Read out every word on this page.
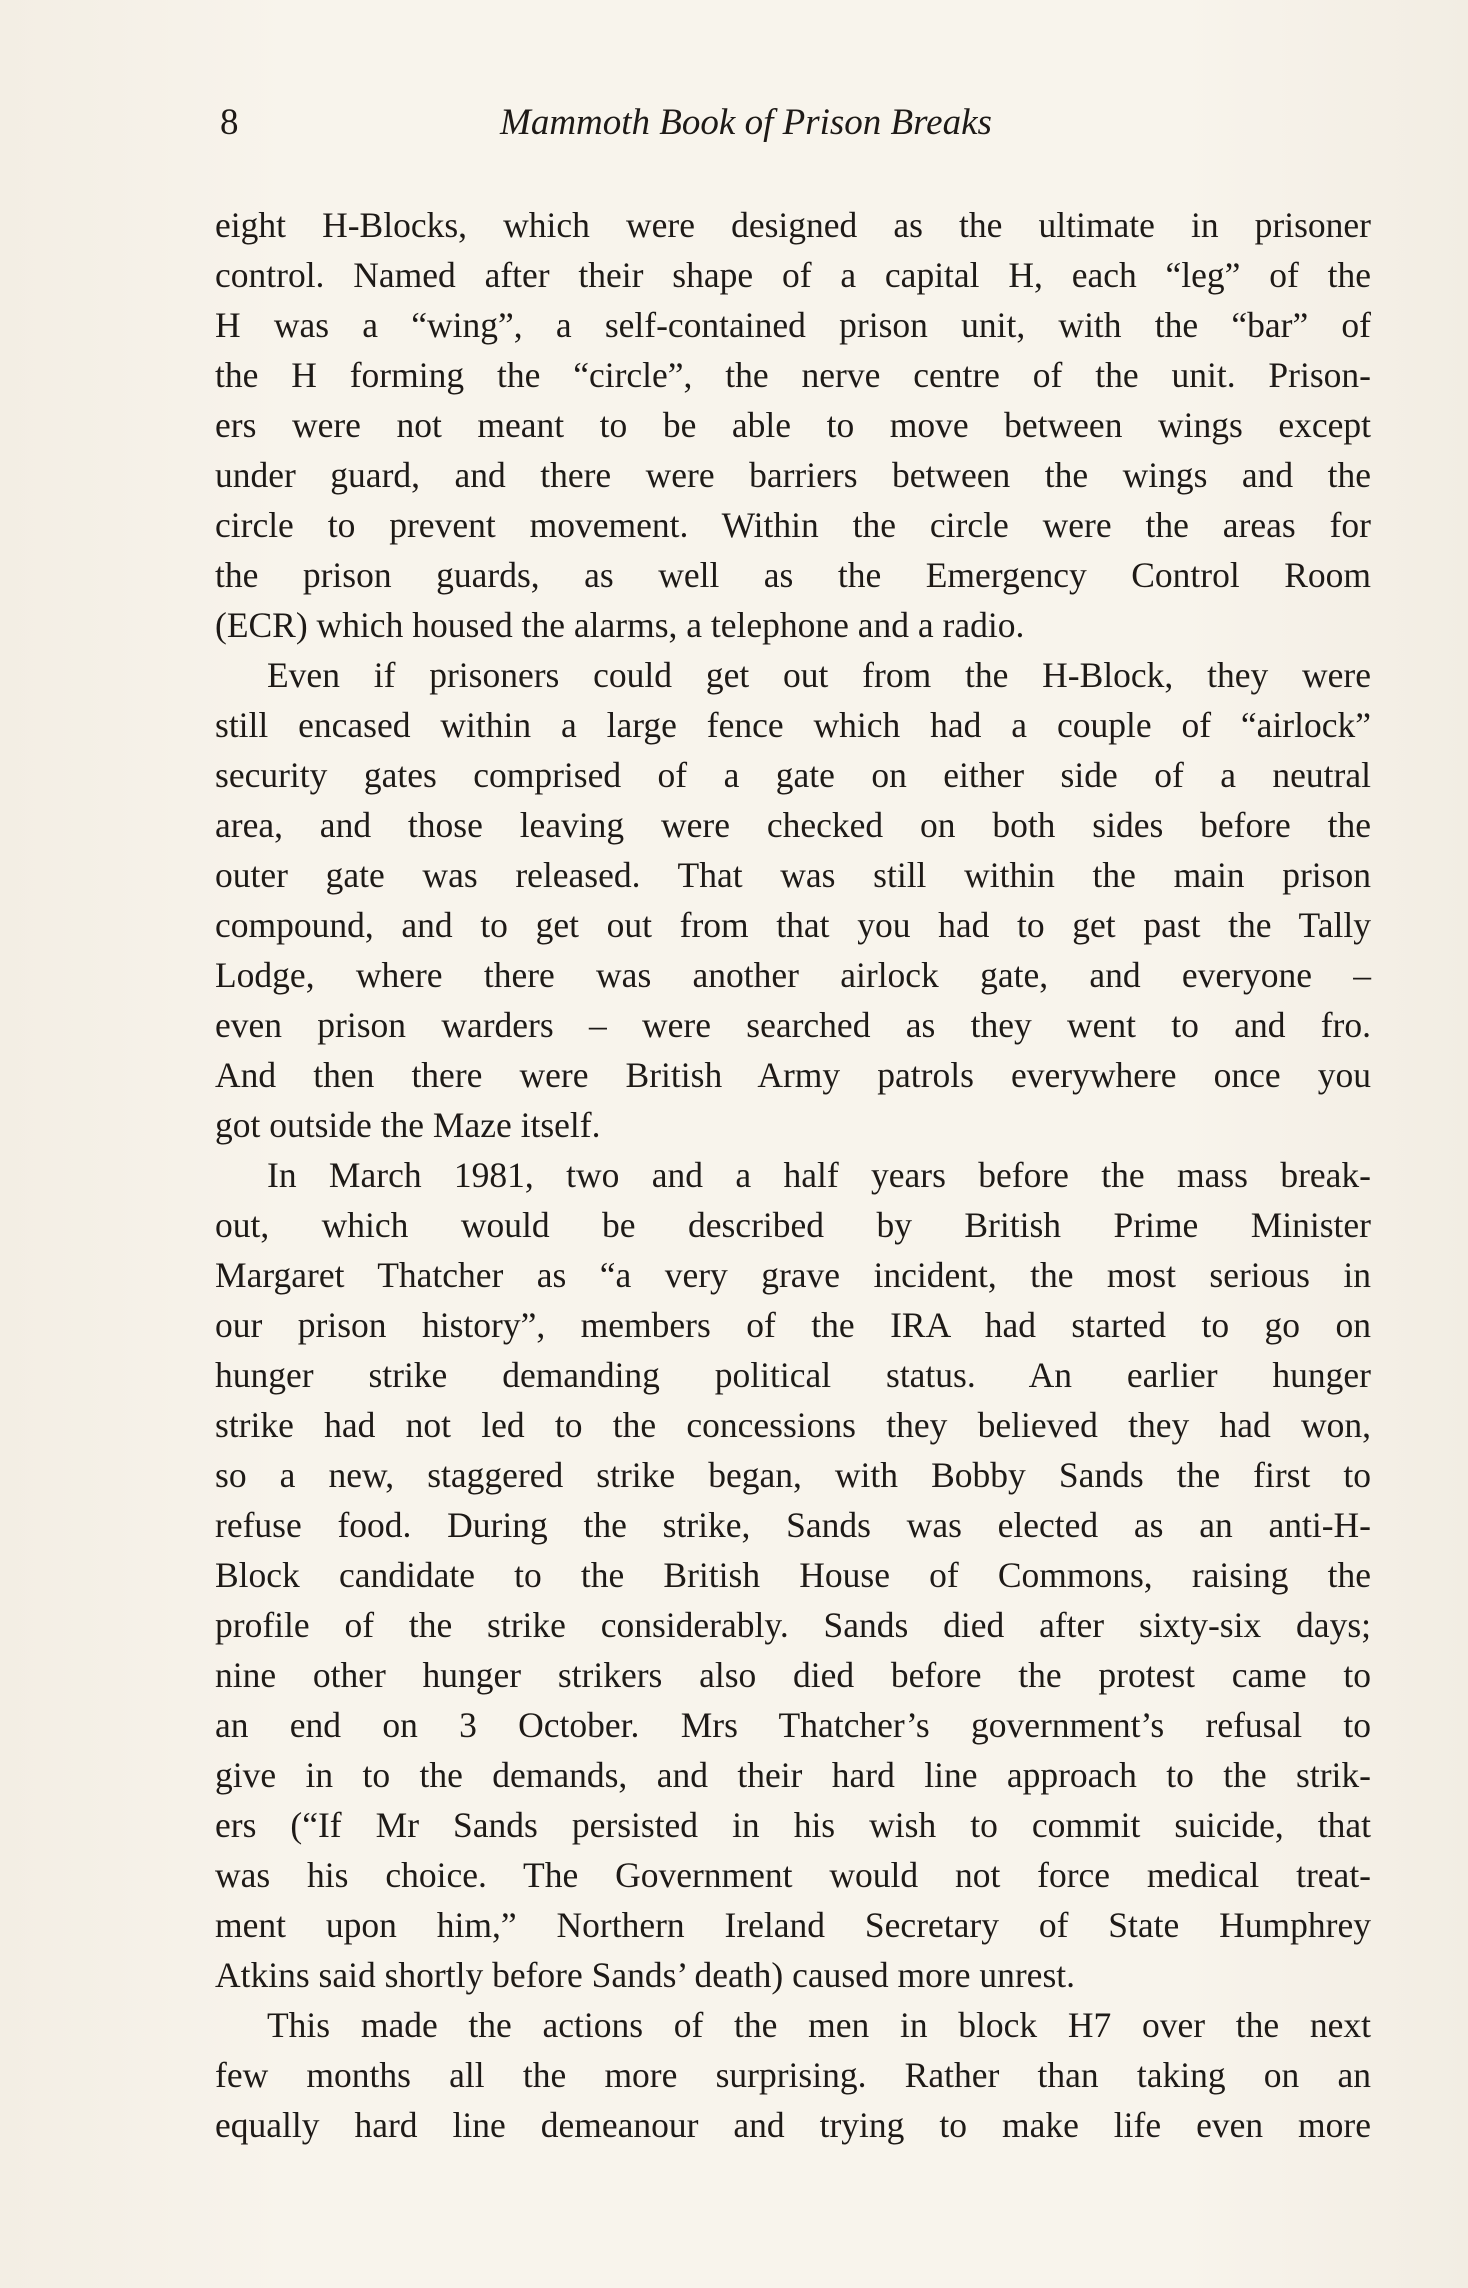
8	Mammoth Book of Prison Breaks
eight H-Blocks, which were designed as the ultimate in prisoner
control. Named after their shape of a capital H, each “leg” of the
H was a “wing”, a self-contained prison unit, with the “bar” of
the H forming the “circle”, the nerve centre of the unit. Prison-
ers were not meant to be able to move between wings except
under guard, and there were barriers between the wings and the
circle to prevent movement. Within the circle were the areas for
the prison guards, as well as the Emergency Control Room
(ECR) which housed the alarms, a telephone and a radio.
Even if prisoners could get out from the H-Block, they were
still encased within a large fence which had a couple of “airlock”
security gates comprised of a gate on either side of a neutral
area, and those leaving were checked on both sides before the
outer gate was released. That was still within the main prison
compound, and to get out from that you had to get past the Tally
Lodge, where there was another airlock gate, and everyone –
even prison warders – were searched as they went to and fro.
And then there were British Army patrols everywhere once you
got outside the Maze itself.
In March 1981, two and a half years before the mass break-
out, which would be described by British Prime Minister
Margaret Thatcher as “a very grave incident, the most serious in
our prison history”, members of the IRA had started to go on
hunger strike demanding political status. An earlier hunger
strike had not led to the concessions they believed they had won,
so a new, staggered strike began, with Bobby Sands the first to
refuse food. During the strike, Sands was elected as an anti-H-
Block candidate to the British House of Commons, raising the
profile of the strike considerably. Sands died after sixty-six days;
nine other hunger strikers also died before the protest came to
an end on 3 October. Mrs Thatcher’s government’s refusal to
give in to the demands, and their hard line approach to the strik-
ers (“If Mr Sands persisted in his wish to commit suicide, that
was his choice. The Government would not force medical treat-
ment upon him,” Northern Ireland Secretary of State Humphrey
Atkins said shortly before Sands’ death) caused more unrest.
This made the actions of the men in block H7 over the next
few months all the more surprising. Rather than taking on an
equally hard line demeanour and trying to make life even more
